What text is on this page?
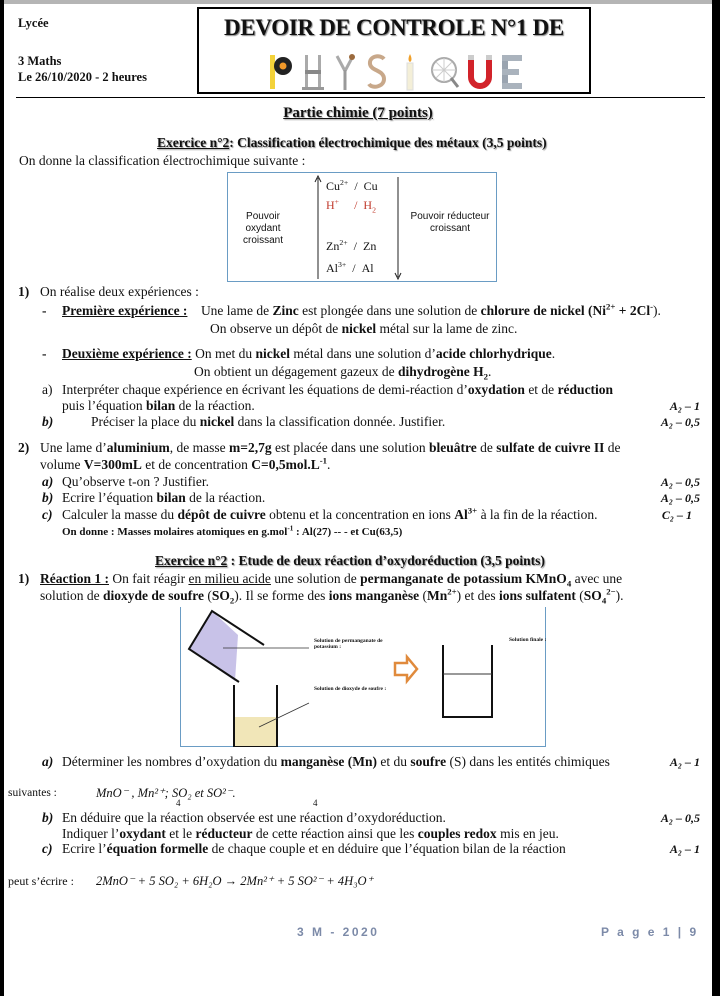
Lycée
3 Maths
Le 26/10/2020 - 2 heures
DEVOIR DE CONTROLE N°1 DE
Partie chimie (7 points)
Exercice n°2: Classification électrochimique des métaux (3,5 points)
On donne la classification électrochimique suivante :
Pouvoir oxydant
croissant
$Cu^{2+}$  /  Cu
H+     /  $H_2$
$Zn^{2+}$  /  Zn
$Al^{3+}$  /  Al
Pouvoir réducteur
croissant
1) On réalise deux expériences :
- Première expérience : Une lame de Zinc est plongée dans une solution de chlorure de nickel $(Ni^{2+} + 2Cl^-)$.
On observe un dépôt de nickel métal sur la lame de zinc.
- Deuxième expérience : On met du nickel métal dans une solution d’acide chlorhydrique.
On obtient un dégagement gazeux de dihydrogène $H_2$.
a) Interpréter chaque expérience en écrivant les équations de demi-réaction d’oxydation et de réduction
puis l’équation bilan de la réaction.	A₂ – 1
b)	Préciser la place du nickel dans la classification donnée. Justifier.	A₂ – 0,5
2) Une lame d’aluminium, de masse m=2,7g est placée dans une solution bleuâtre de sulfate de cuivre II de
volume V=300mL et de concentration $C=0,5mol.L^{-1}$.
a) Qu’observe t-on ? Justifier.	A₂ – 0,5
b) Ecrire l’équation bilan de la réaction.	A₂ – 0,5
c) Calculer la masse du dépôt de cuivre obtenu et la concentration en ions $Al^{3+}$ à la fin de la réaction.	C₂ – 1
On donne : Masses molaires atomiques en g.mol$^{-1}$ : Al(27) -- - et Cu(63,5)
Exercice n°2 : Etude de deux réaction d’oxydoréduction (3,5 points)
1) Réaction 1 : On fait réagir en milieu acide une solution de permanganate de potassium KMnO$_4$ avec une
solution de dioxyde de soufre $(SO_2)$. Il se forme des ions manganèse $(Mn^{2+})$ et des ions sulfatent $(SO_4^{2-})$.
Solution de permanganate de potassium :
Solution de dioxyde de soufre :
Solution finale :
a) Déterminer les nombres d’oxydation du manganèse (Mn) et du soufre (S) dans les entités chimiques	A₂ – 1
suivantes :	MnO⁻ , Mn²⁺; SO₂ et SO²⁻.
4	4
b) En déduire que la réaction observée est une réaction d’oxydoréduction.	A₂ – 0,5
Indiquer l’oxydant et le réducteur de cette réaction ainsi que les couples redox mis en jeu.
c) Ecrire l’équation formelle de chaque couple et en déduire que l’équation bilan de la réaction	A₂ – 1
peut s’écrire : 2MnO⁻ + 5 SO₂ + 6H₂O → 2Mn²⁺ + 5 SO²⁻ + 4H₃O⁺
3 M - 2020	P a g e 1 | 9
